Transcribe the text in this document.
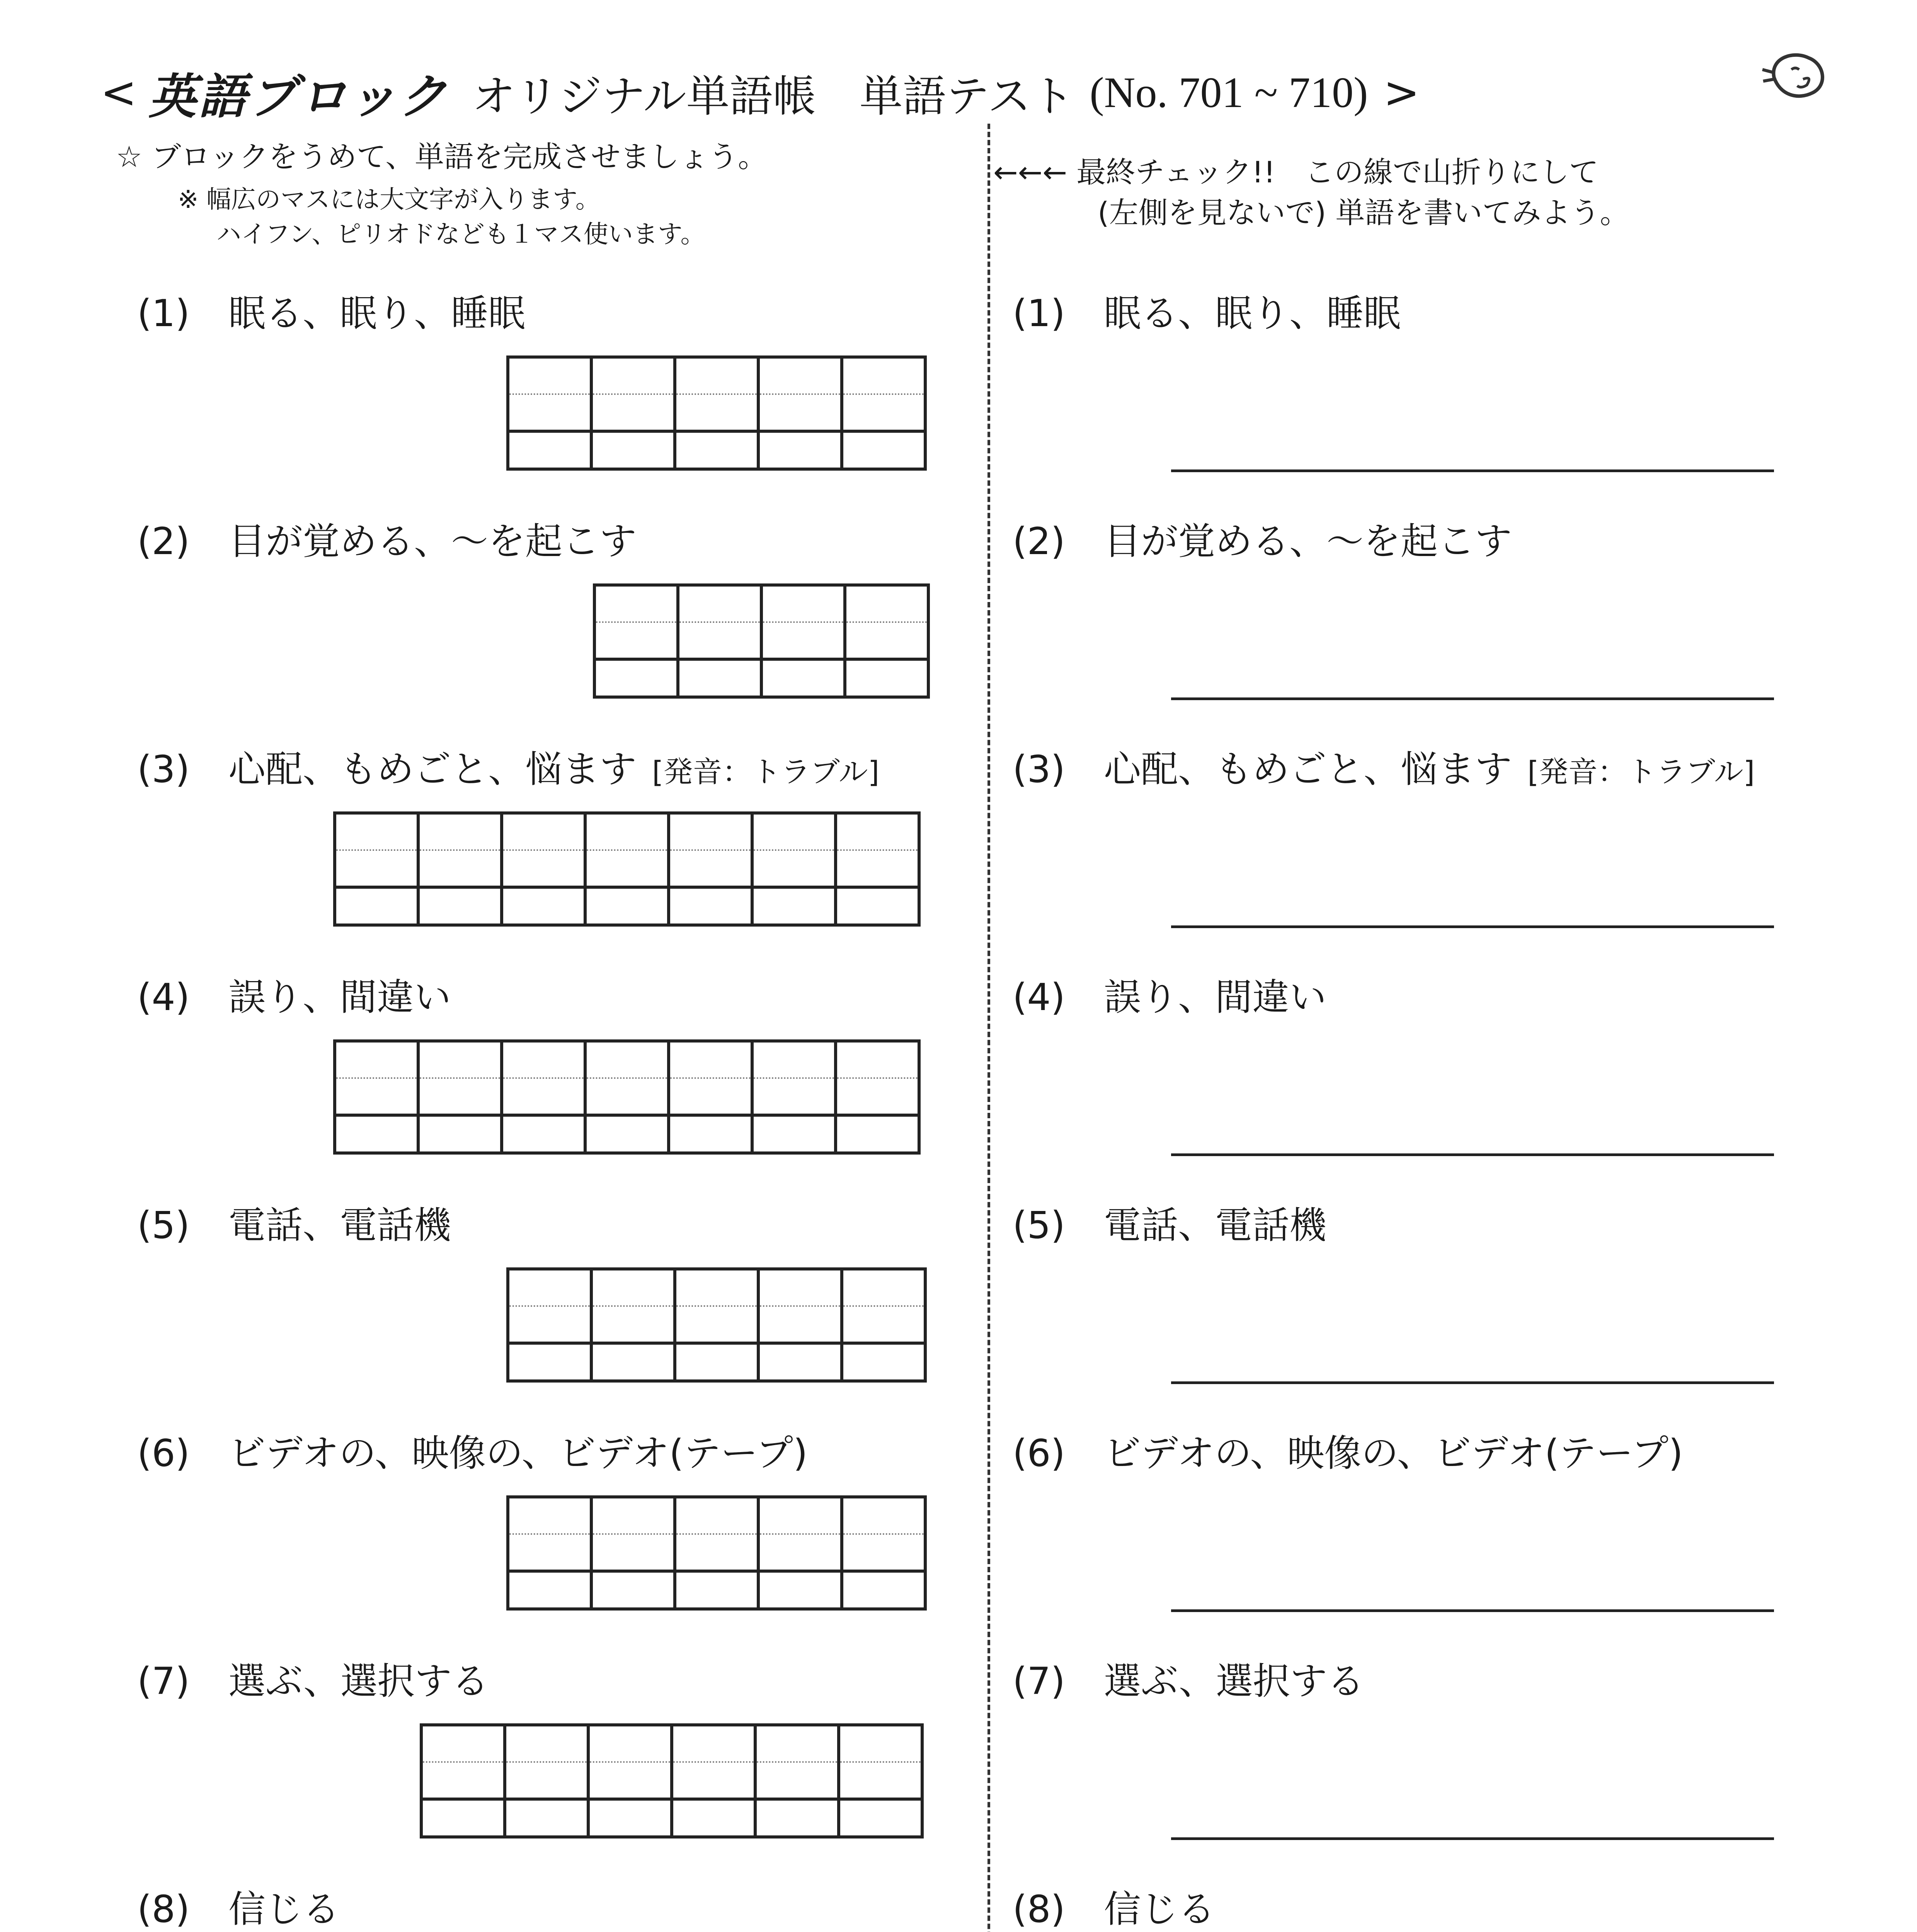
< 英語ブロック オリジナル単語帳　単語テスト (No. 701 ~ 710) >
☆ ブロックをうめて、単語を完成させましょう。
※ 幅広のマスには大文字が入ります。
ハイフン、ピリオドなども１マス使います。
←←← 最終チェック!!　この線で山折りにして
(左側を見ないで) 単語を書いてみよう。
(1) 眠る、眠り、睡眠	(1) 眠る、眠り、睡眠

(2) 目が覚める、～を起こす	(2) 目が覚める、～を起こす

(3) 心配、もめごと、悩ます [発音：トラブル]	(3) 心配、もめごと、悩ます [発音：トラブル]

(4) 誤り、間違い	(4) 誤り、間違い

(5) 電話、電話機	(5) 電話、電話機

(6) ビデオの、映像の、ビデオ(テープ)	(6) ビデオの、映像の、ビデオ(テープ)

(7) 選ぶ、選択する	(7) 選ぶ、選択する

(8) 信じる	(8) 信じる
